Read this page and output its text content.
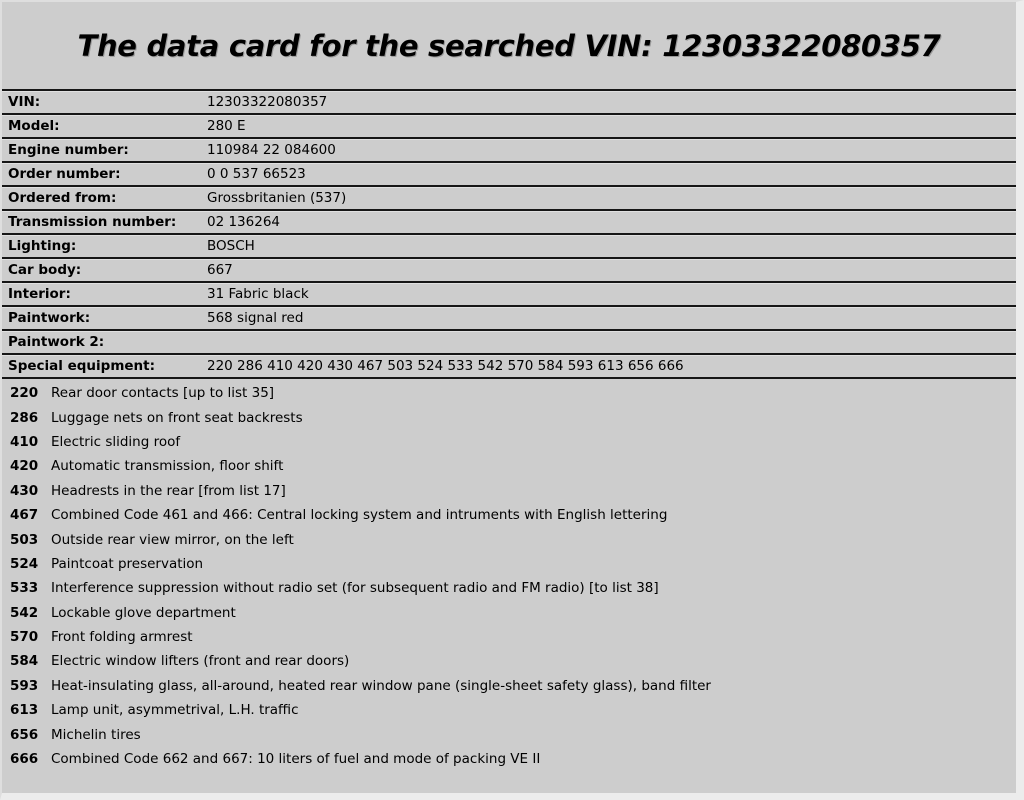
The data card for the searched VIN: 12303322080357
VIN:	12303322080357
Model:	280 E
Engine number:	110984 22 084600
Order number:	0 0 537 66523
Ordered from:	Grossbritanien (537)
Transmission number:	02 136264
Lighting:	BOSCH
Car body:	667
Interior:	31 Fabric black
Paintwork:	568 signal red
Paintwork 2:
Special equipment:	220 286 410 420 430 467 503 524 533 542 570 584 593 613 656 666
220 Rear door contacts [up to list 35]
286 Luggage nets on front seat backrests
410 Electric sliding roof
420 Automatic transmission, floor shift
430 Headrests in the rear [from list 17]
467 Combined Code 461 and 466: Central locking system and intruments with English lettering
503 Outside rear view mirror, on the left
524 Paintcoat preservation
533 Interference suppression without radio set (for subsequent radio and FM radio) [to list 38]
542 Lockable glove department
570 Front folding armrest
584 Electric window lifters (front and rear doors)
593 Heat-insulating glass, all-around, heated rear window pane (single-sheet safety glass), band filter
613 Lamp unit, asymmetrival, L.H. traffic
656 Michelin tires
666 Combined Code 662 and 667: 10 liters of fuel and mode of packing VE II
